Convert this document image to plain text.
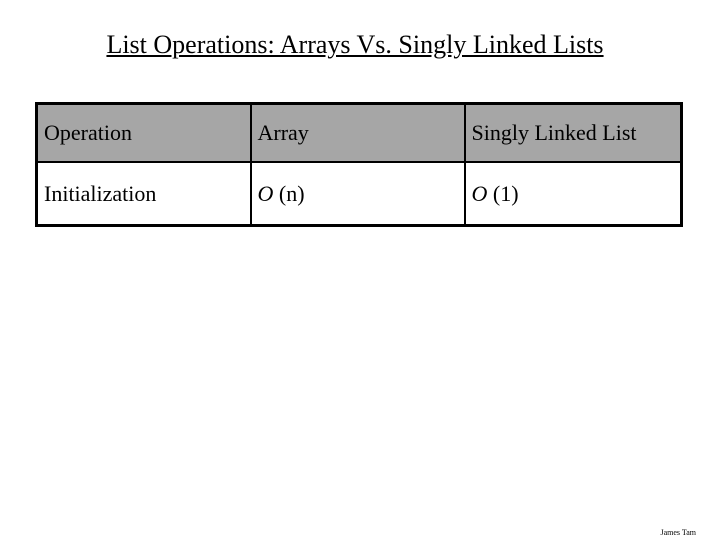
List Operations: Arrays Vs. Singly Linked Lists
Operation	Array	Singly Linked List
Initialization	O (n)	O (1)
James Tam
